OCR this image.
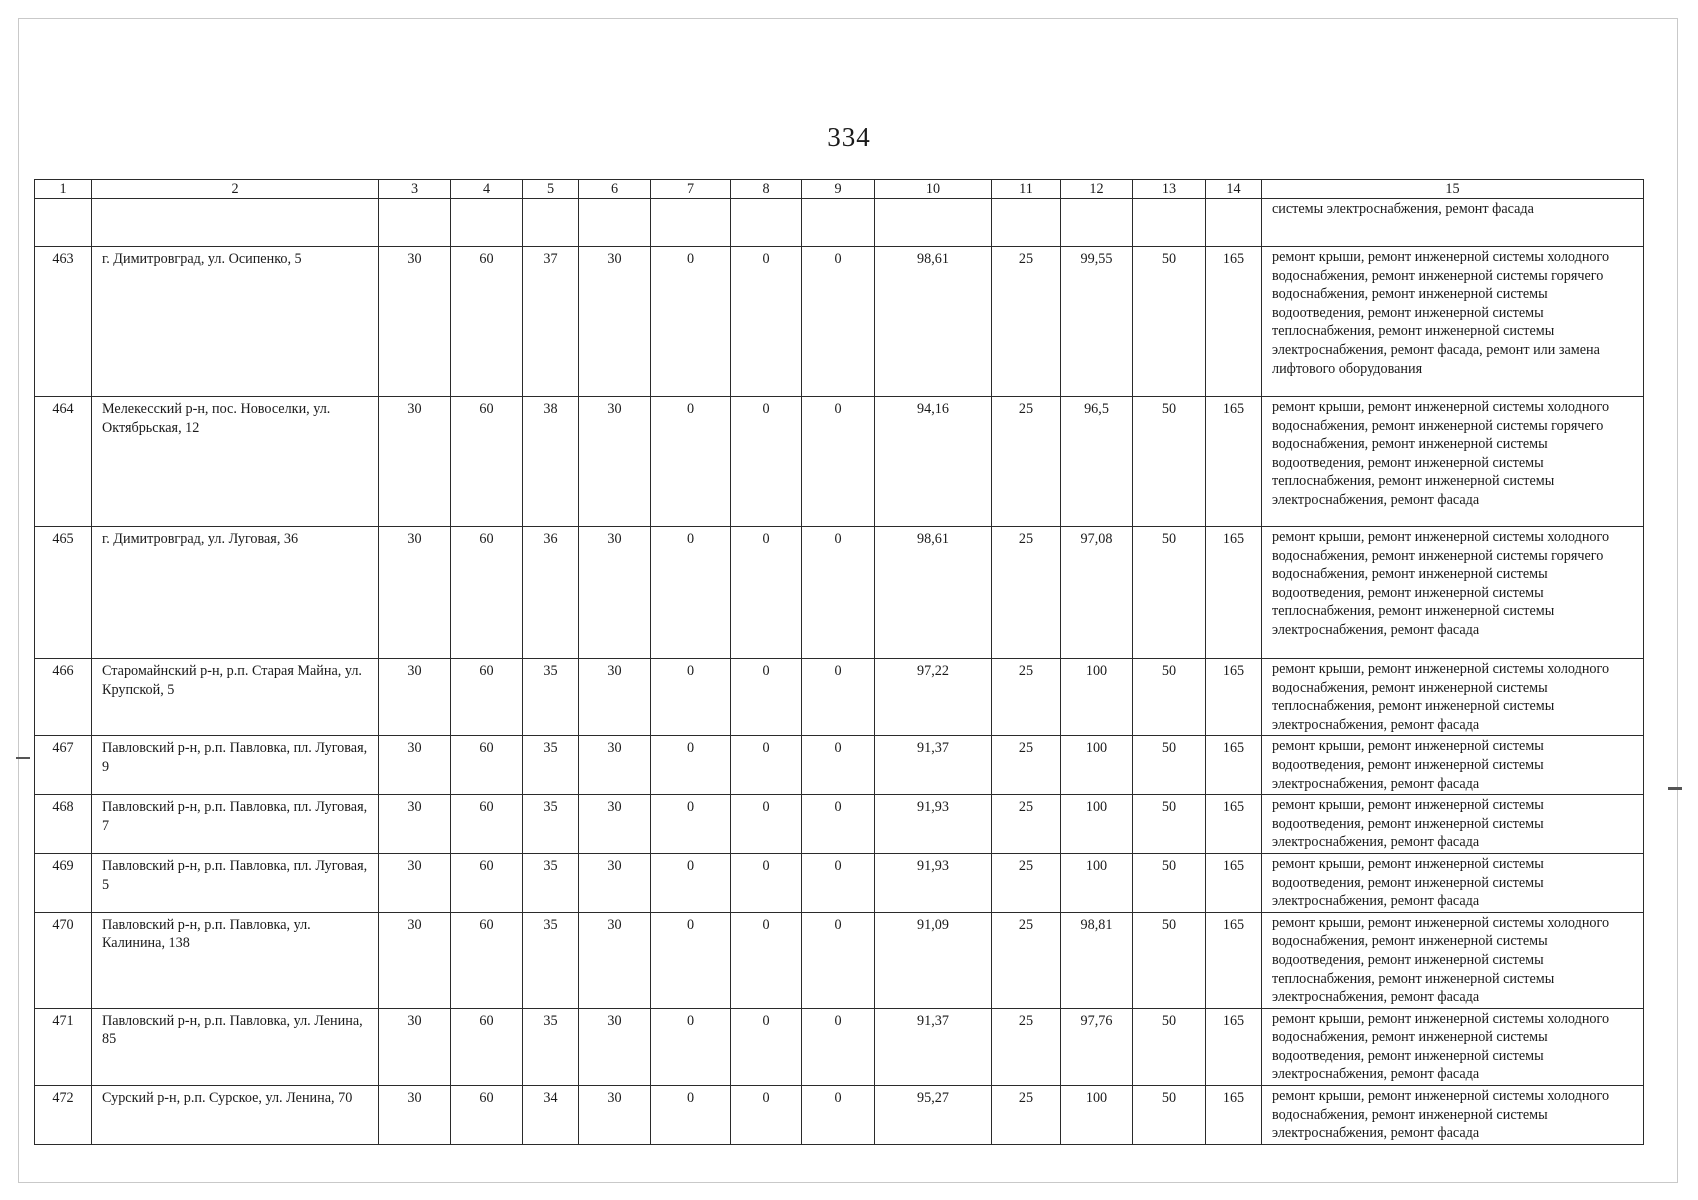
334
1	2	3	4	5	6	7	8	9	10	11	12	13	14	15
														системы электроснабжения, ремонт фасада
463	г. Димитровград, ул. Осипенко, 5	30	60	37	30	0	0	0	98,61	25	99,55	50	165	ремонт крыши, ремонт инженерной системы холодного водоснабжения, ремонт инженерной системы горячего водоснабжения, ремонт инженерной системы водоотведения, ремонт инженерной системы теплоснабжения, ремонт инженерной системы электроснабжения, ремонт фасада, ремонт или замена лифтового оборудования
464	Мелекесский р-н, пос. Новоселки, ул. Октябрьская, 12	30	60	38	30	0	0	0	94,16	25	96,5	50	165	ремонт крыши, ремонт инженерной системы холодного водоснабжения, ремонт инженерной системы горячего водоснабжения, ремонт инженерной системы водоотведения, ремонт инженерной системы теплоснабжения, ремонт инженерной системы электроснабжения, ремонт фасада
465	г. Димитровград, ул. Луговая, 36	30	60	36	30	0	0	0	98,61	25	97,08	50	165	ремонт крыши, ремонт инженерной системы холодного водоснабжения, ремонт инженерной системы горячего водоснабжения, ремонт инженерной системы водоотведения, ремонт инженерной системы теплоснабжения, ремонт инженерной системы электроснабжения, ремонт фасада
466	Старомайнский р-н, р.п. Старая Майна, ул. Крупской, 5	30	60	35	30	0	0	0	97,22	25	100	50	165	ремонт крыши, ремонт инженерной системы холодного водоснабжения, ремонт инженерной системы теплоснабжения, ремонт инженерной системы электроснабжения, ремонт фасада
467	Павловский р-н, р.п. Павловка, пл. Луговая, 9	30	60	35	30	0	0	0	91,37	25	100	50	165	ремонт крыши, ремонт инженерной системы водоотведения, ремонт инженерной системы электроснабжения, ремонт фасада
468	Павловский р-н, р.п. Павловка, пл. Луговая, 7	30	60	35	30	0	0	0	91,93	25	100	50	165	ремонт крыши, ремонт инженерной системы водоотведения, ремонт инженерной системы электроснабжения, ремонт фасада
469	Павловский р-н, р.п. Павловка, пл. Луговая, 5	30	60	35	30	0	0	0	91,93	25	100	50	165	ремонт крыши, ремонт инженерной системы водоотведения, ремонт инженерной системы электроснабжения, ремонт фасада
470	Павловский р-н, р.п. Павловка, ул. Калинина, 138	30	60	35	30	0	0	0	91,09	25	98,81	50	165	ремонт крыши, ремонт инженерной системы холодного водоснабжения, ремонт инженерной системы водоотведения, ремонт инженерной системы теплоснабжения, ремонт инженерной системы электроснабжения, ремонт фасада
471	Павловский р-н, р.п. Павловка, ул. Ленина, 85	30	60	35	30	0	0	0	91,37	25	97,76	50	165	ремонт крыши, ремонт инженерной системы холодного водоснабжения, ремонт инженерной системы водоотведения, ремонт инженерной системы электроснабжения, ремонт фасада
472	Сурский р-н, р.п. Сурское, ул. Ленина, 70	30	60	34	30	0	0	0	95,27	25	100	50	165	ремонт крыши, ремонт инженерной системы холодного водоснабжения, ремонт инженерной системы электроснабжения, ремонт фасада
